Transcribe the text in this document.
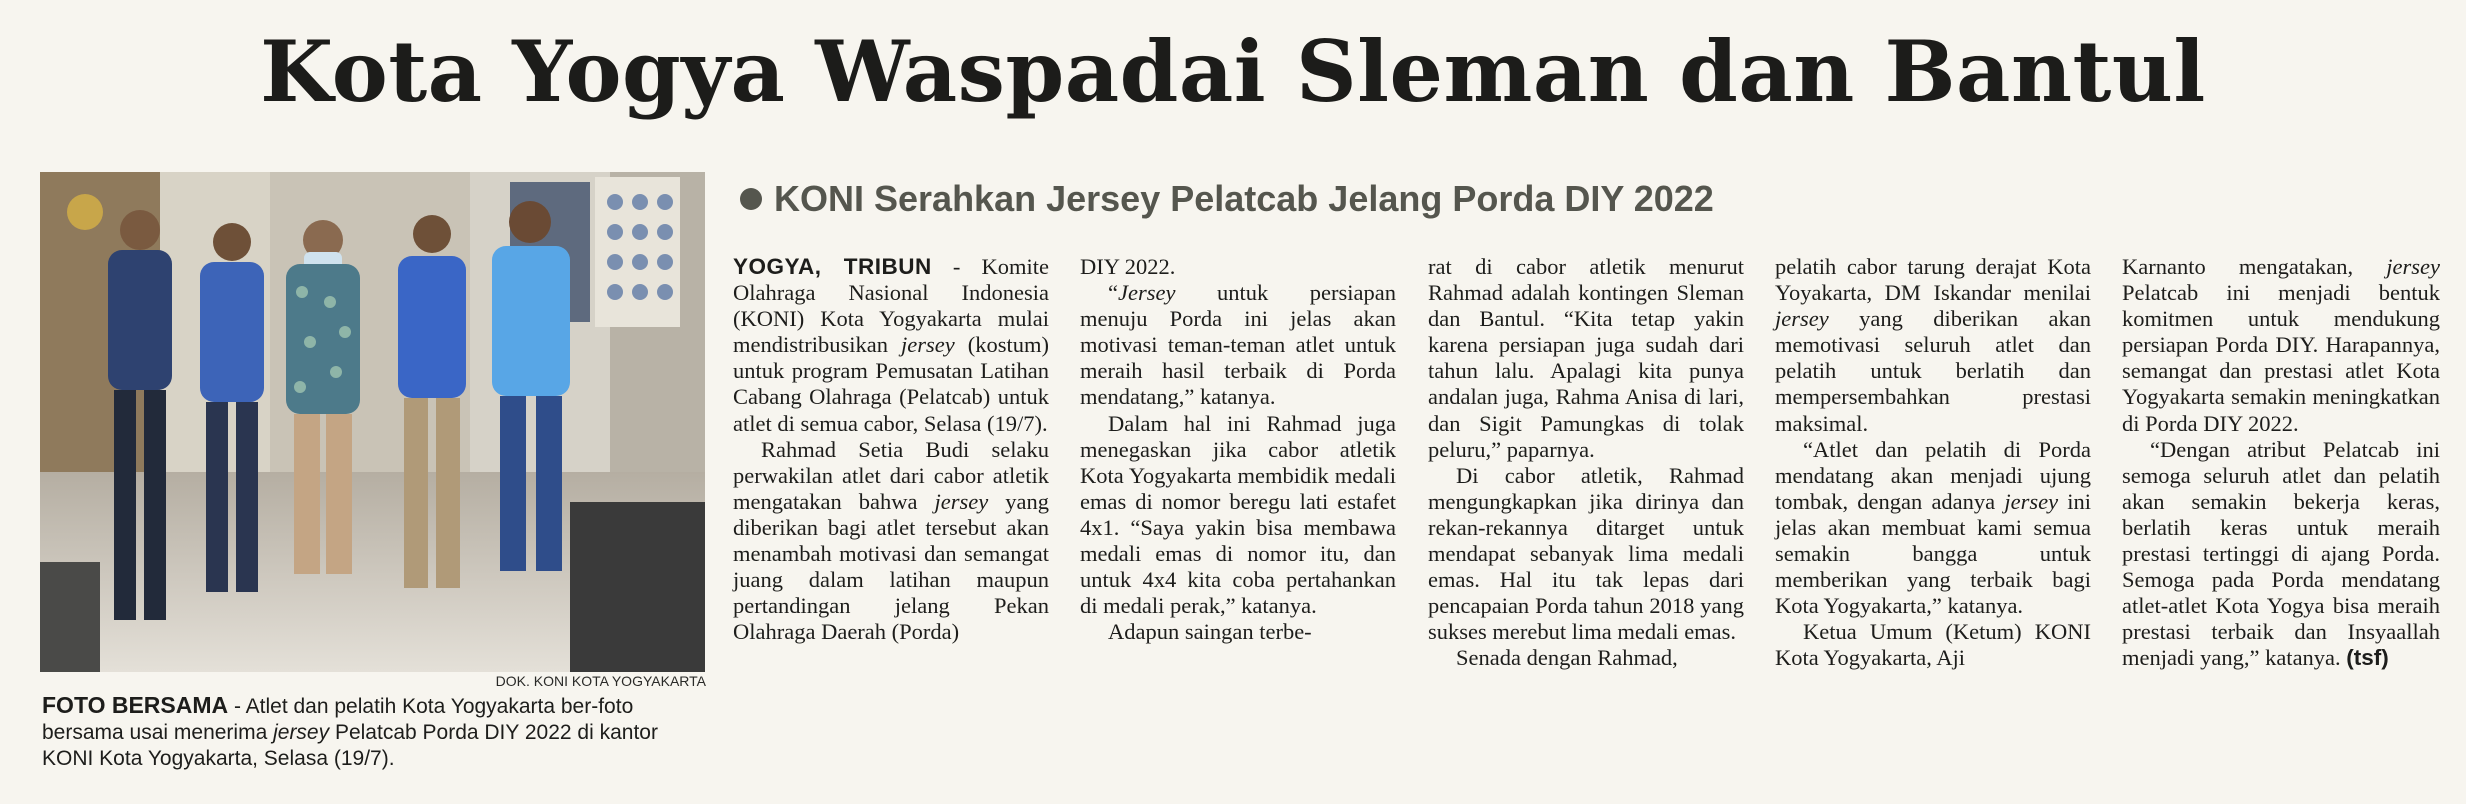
Kota Yogya Waspadai Sleman dan Bantul
DOK. KONI KOTA YOGYAKARTA
FOTO BERSAMA - Atlet dan pelatih Kota Yogyakarta ber-foto bersama usai menerima jersey Pelatcab Porda DIY 2022 di kantor KONI Kota Yogyakarta, Selasa (19/7).
KONI Serahkan Jersey Pelatcab Jelang Porda DIY 2022

YOGYA, TRIBUN - Komite Olahraga Nasional Indonesia (KONI) Kota Yogyakarta mulai mendistribusikan jersey (kostum) untuk program Pemusatan Latihan Cabang Olahraga (Pelatcab) untuk atlet di semua cabor, Selasa (19/7).

Rahmad Setia Budi selaku perwakilan atlet dari cabor atletik mengatakan bahwa jersey yang diberikan bagi atlet tersebut akan menambah motivasi dan semangat juang dalam latihan maupun pertandingan jelang Pekan Olahraga Daerah (Porda)

DIY 2022.

“Jersey untuk persiapan menuju Porda ini jelas akan motivasi teman-teman atlet untuk meraih hasil terbaik di Porda mendatang,” katanya.

Dalam hal ini Rahmad juga menegaskan jika cabor atletik Kota Yogyakarta membidik medali emas di nomor beregu lati estafet 4x1. “Saya yakin bisa membawa medali emas di nomor itu, dan untuk 4x4 kita coba pertahankan di medali perak,” katanya.

Adapun saingan terbe-

rat di cabor atletik menurut Rahmad adalah kontingen Sleman dan Bantul. “Kita tetap yakin karena persiapan juga sudah dari tahun lalu. Apalagi kita punya andalan juga, Rahma Anisa di lari, dan Sigit Pamungkas di tolak peluru,” paparnya.

Di cabor atletik, Rahmad mengungkapkan jika dirinya dan rekan-rekannya ditarget untuk mendapat sebanyak lima medali emas. Hal itu tak lepas dari pencapaian Porda tahun 2018 yang sukses merebut lima medali emas.

Senada dengan Rahmad,

pelatih cabor tarung derajat Kota Yoyakarta, DM Iskandar menilai jersey yang diberikan akan memotivasi seluruh atlet dan pelatih untuk berlatih dan mempersembahkan prestasi maksimal.

“Atlet dan pelatih di Porda mendatang akan menjadi ujung tombak, dengan adanya jersey ini jelas akan membuat kami semua semakin bangga untuk memberikan yang terbaik bagi Kota Yogyakarta,” katanya.

Ketua Umum (Ketum) KONI Kota Yogyakarta, Aji

Karnanto mengatakan, jersey Pelatcab ini menjadi bentuk komitmen untuk mendukung persiapan Porda DIY. Harapannya, semangat dan prestasi atlet Kota Yogyakarta semakin meningkatkan di Porda DIY 2022.

“Dengan atribut Pelatcab ini semoga seluruh atlet dan pelatih akan semakin bekerja keras, berlatih keras untuk meraih prestasi tertinggi di ajang Porda. Semoga pada Porda mendatang atlet-atlet Kota Yogya bisa meraih prestasi terbaik dan Insyaallah menjadi yang,” katanya. (tsf)
